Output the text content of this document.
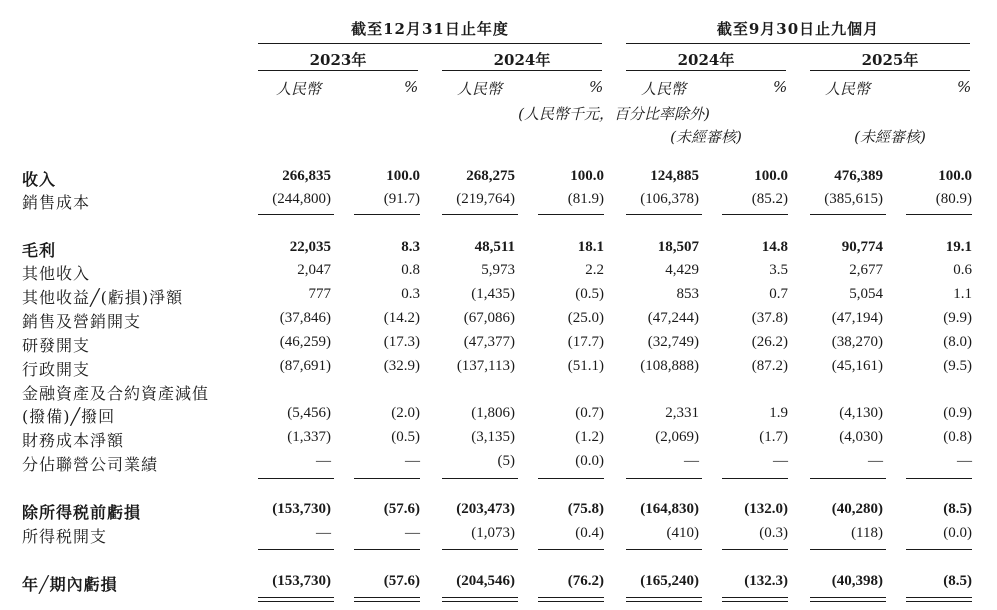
截至12月31日止年度	截至9月30日止九個月
2023年	2024年	2024年	2025年
人民幣	%	人民幣	%	人民幣	%	人民幣	%
(人民幣千元，百分比率除外)
(未經審核)	(未經審核)
收入	266,835	100.0	268,275	100.0	124,885	100.0	476,389	100.0
銷售成本	(244,800)	(91.7)	(219,764)	(81.9)	(106,378)	(85.2)	(385,615)	(80.9)
毛利	22,035	8.3	48,511	18.1	18,507	14.8	90,774	19.1
其他收入	2,047	0.8	5,973	2.2	4,429	3.5	2,677	0.6
其他收益╱(虧損)淨額	777	0.3	(1,435)	(0.5)	853	0.7	5,054	1.1
銷售及營銷開支	(37,846)	(14.2)	(67,086)	(25.0)	(47,244)	(37.8)	(47,194)	(9.9)
研發開支	(46,259)	(17.3)	(47,377)	(17.7)	(32,749)	(26.2)	(38,270)	(8.0)
行政開支	(87,691)	(32.9)	(137,113)	(51.1)	(108,888)	(87.2)	(45,161)	(9.5)
金融資產及合約資產減值
(撥備)╱撥回	(5,456)	(2.0)	(1,806)	(0.7)	2,331	1.9	(4,130)	(0.9)
財務成本淨額	(1,337)	(0.5)	(3,135)	(1.2)	(2,069)	(1.7)	(4,030)	(0.8)
分佔聯營公司業績	—	—	(5)	(0.0)	—	—	—	—
除所得税前虧損	(153,730)	(57.6)	(203,473)	(75.8)	(164,830)	(132.0)	(40,280)	(8.5)
所得税開支	—	—	(1,073)	(0.4)	(410)	(0.3)	(118)	(0.0)
年╱期內虧損	(153,730)	(57.6)	(204,546)	(76.2)	(165,240)	(132.3)	(40,398)	(8.5)
